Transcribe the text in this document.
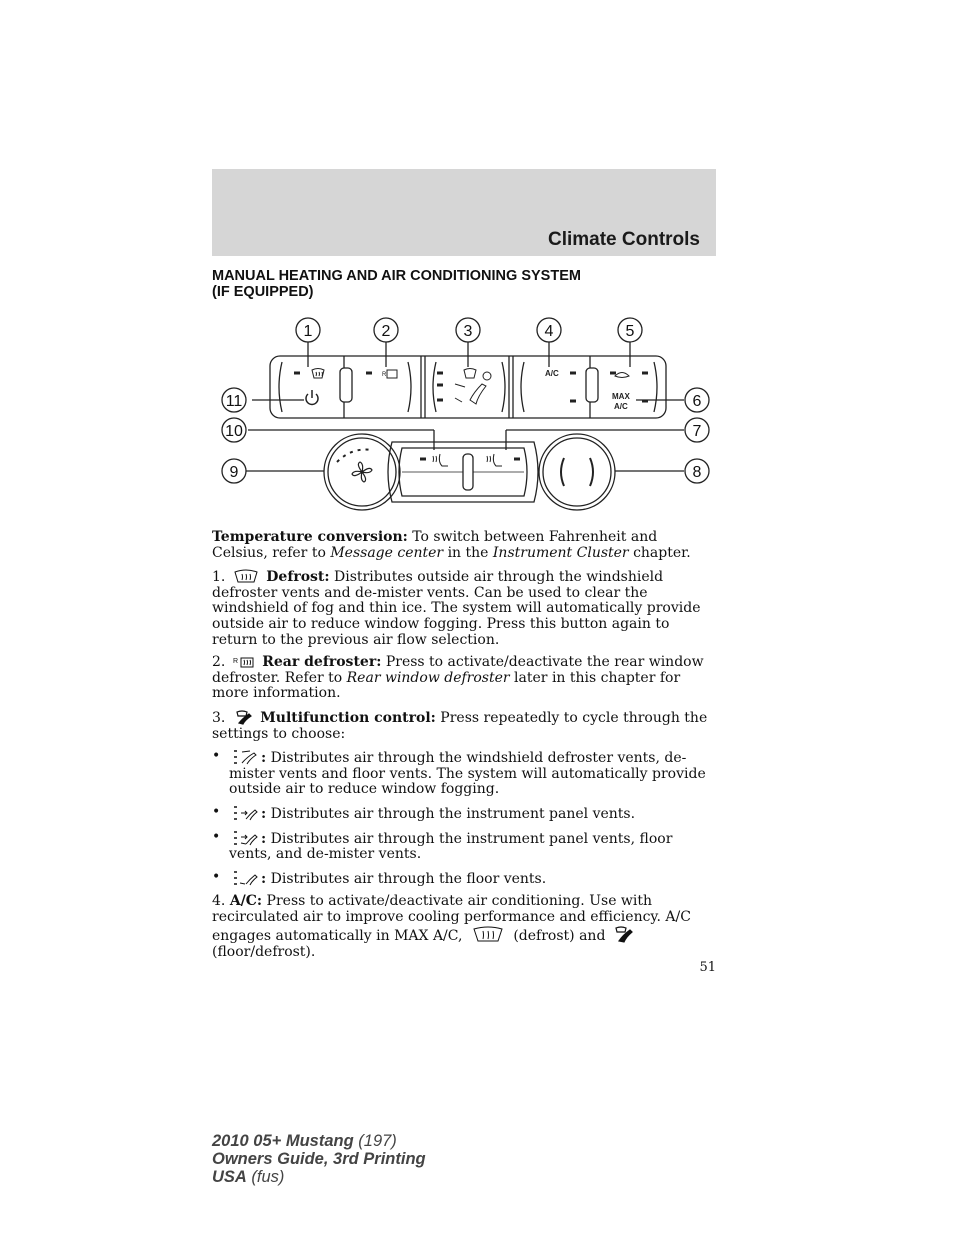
Climate Controls
MANUAL HEATING AND AIR CONDITIONING SYSTEM
(IF EQUIPPED)
R	A/C
MAX
A/C
1	2	3	4	5
6
7
8
9
10
11

Temperature conversion: To switch between Fahrenheit and Celsius, refer to Message center in the Instrument Cluster chapter.

1.	Defrost: Distributes outside air through the windshield defroster vents and de-mister vents. Can be used to clear the windshield of fog and thin ice. The system will automatically provide outside air to reduce window fogging. Press this button again to return to the previous air flow selection.

2. R Rear defroster: Press to activate/deactivate the rear window defroster. Refer to Rear window defroster later in this chapter for more information.

3. Multifunction control: Press repeatedly to cycle through the settings to choose:

•	: Distributes air through the windshield defroster vents, de-mister vents and floor vents. The system will automatically provide outside air to reduce window fogging.
•	: Distributes air through the instrument panel vents.
•	: Distributes air through the instrument panel vents, floor vents, and de-mister vents.
•	: Distributes air through the floor vents.

4. A/C: Press to activate/deactivate air conditioning. Use with recirculated air to improve cooling performance and efficiency. A/C engages automatically in MAX A/C,	(defrost) and
(floor/defrost).

51
2010 05+ Mustang (197)
Owners Guide, 3rd Printing
USA (fus)
